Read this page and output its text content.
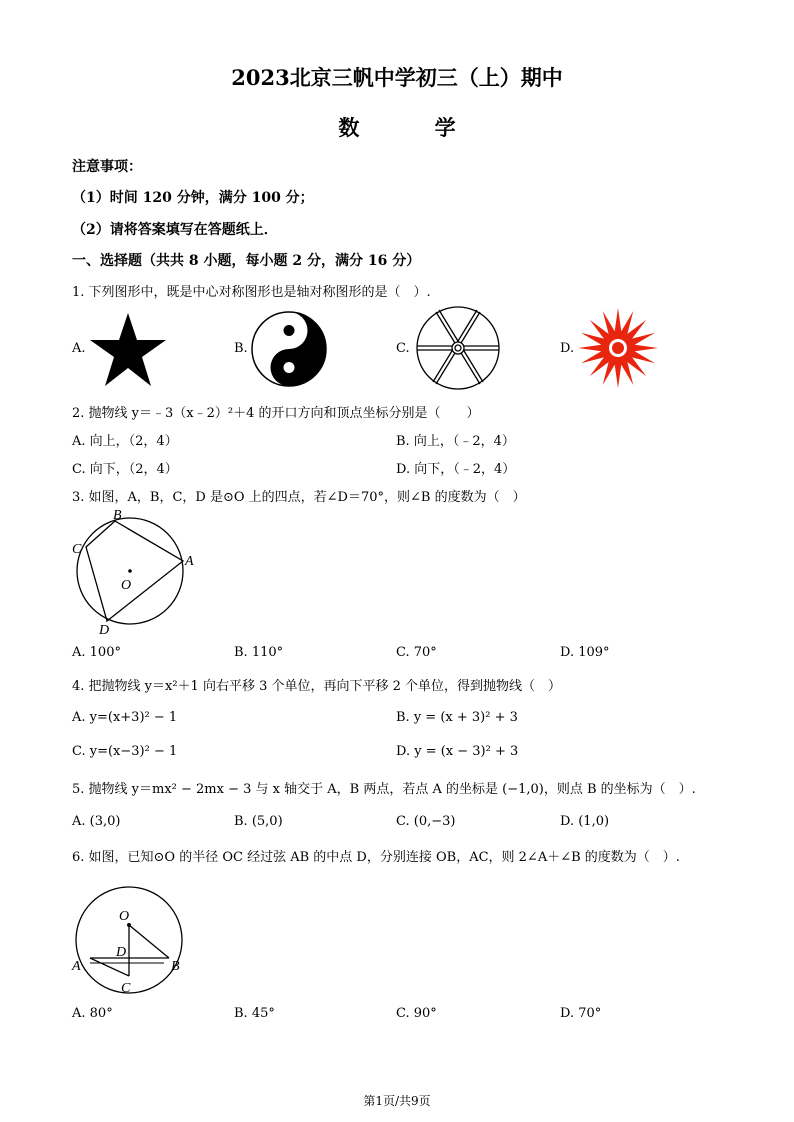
2023北京三帆中学初三（上）期中
数 学
注意事项：
（1）时间 120 分钟，满分 100 分；
（2）请将答案填写在答题纸上．
一、选择题（共共 8 小题，每小题 2 分，满分 16 分）
1. 下列图形中，既是中心对称图形也是轴对称图形的是（　）.
A.	B.	C.	D.
2. 抛物线 y＝﹣3（x﹣2）²＋4 的开口方向和顶点坐标分别是（　　）
A. 向上，（2，4）	B. 向上，（﹣2，4）
C. 向下，（2，4）	D. 向下，（﹣2，4）
3. 如图，A，B，C，D 是⊙O 上的四点，若∠D＝70°，则∠B 的度数为（　）
B
C
A
O
D
A. 100°	B. 110°	C. 70°	D. 109°
4. 把抛物线 y＝x²＋1 向右平移 3 个单位，再向下平移 2 个单位，得到抛物线（　）
A. y=(x+3)² − 1	B. y = (x + 3)² + 3
C. y=(x−3)² − 1	D. y = (x − 3)² + 3
5. 抛物线 y＝mx² − 2mx − 3 与 x 轴交于 A，B 两点，若点 A 的坐标是 (−1,0)，则点 B 的坐标为（　）.
A. (3,0)	B. (5,0)	C. (0,−3)	D. (1,0)
6. 如图，已知⊙O 的半径 OC 经过弦 AB 的中点 D，分别连接 OB，AC，则 2∠A＋∠B 的度数为（　）.
O
D
A	B
C
A. 80°	B. 45°	C. 90°	D. 70°
第1页/共9页
